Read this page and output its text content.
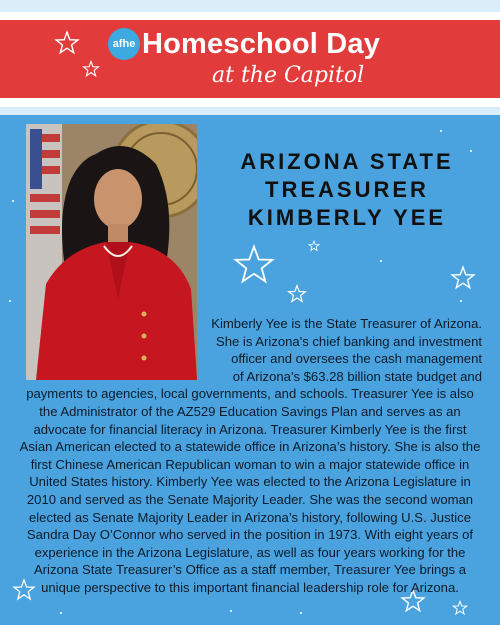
afhe Homeschool Day
at the Capitol
ARIZONA STATE
TREASURER
KIMBERLY YEE
Kimberly Yee is the State Treasurer of Arizona.
She is Arizona's chief banking and investment
officer and oversees the cash management
of Arizona's $63.28 billion state budget and
payments to agencies, local governments, and schools. Treasurer Yee is also
the Administrator of the AZ529 Education Savings Plan and serves as an
advocate for financial literacy in Arizona. Treasurer Kimberly Yee is the first
Asian American elected to a statewide office in Arizona’s history. She is also the
first Chinese American Republican woman to win a major statewide office in
United States history. Kimberly Yee was elected to the Arizona Legislature in
2010 and served as the Senate Majority Leader. She was the second woman
elected as Senate Majority Leader in Arizona’s history, following U.S. Justice
Sandra Day O’Connor who served in the position in 1973. With eight years of
experience in the Arizona Legislature, as well as four years working for the
Arizona State Treasurer’s Office as a staff member, Treasurer Yee brings a
unique perspective to this important financial leadership role for Arizona.
